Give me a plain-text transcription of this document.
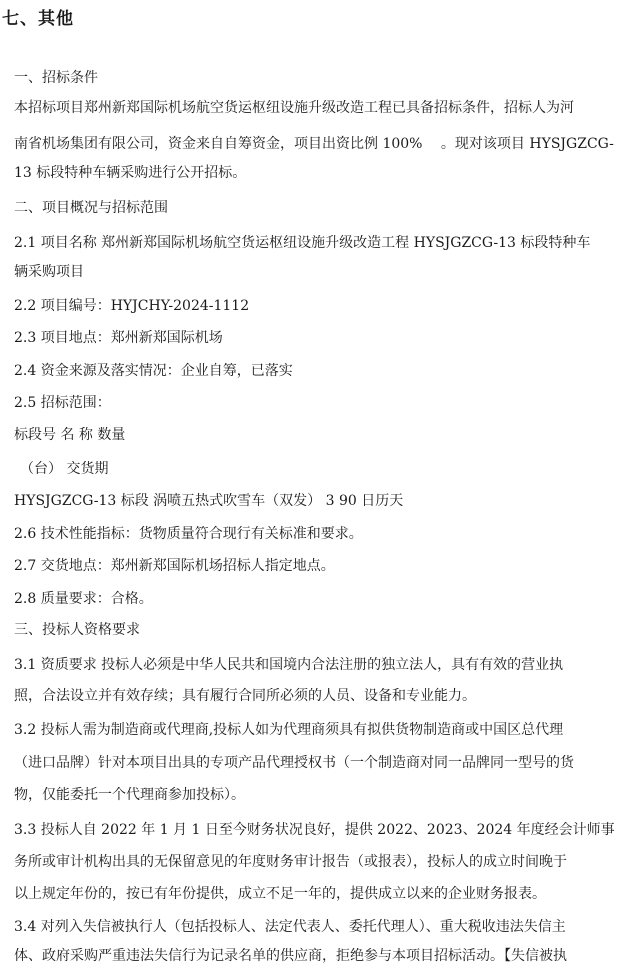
七、其他
一、招标条件
本招标项目郑州新郑国际机场航空货运枢纽设施升级改造工程已具备招标条件，招标人为河
南省机场集团有限公司，资金来自自筹资金，项目出资比例 100%　 。现对该项目 HYSJGZCG-
13 标段特种车辆采购进行公开招标。
二、项目概况与招标范围
2.1 项目名称 郑州新郑国际机场航空货运枢纽设施升级改造工程 HYSJGZCG-13 标段特种车
辆采购项目
2.2 项目编号：HYJCHY-2024-1112
2.3 项目地点：郑州新郑国际机场
2.4 资金来源及落实情况：企业自筹，已落实
2.5 招标范围：
标段号 名 称 数量
（台） 交货期
HYSJGZCG-13 标段 涡喷五热式吹雪车（双发） 3 90 日历天
2.6 技术性能指标：货物质量符合现行有关标准和要求。
2.7 交货地点：郑州新郑国际机场招标人指定地点。
2.8 质量要求：合格。
三、投标人资格要求
3.1 资质要求 投标人必须是中华人民共和国境内合法注册的独立法人，具有有效的营业执
照，合法设立并有效存续；具有履行合同所必须的人员、设备和专业能力。
3.2 投标人需为制造商或代理商,投标人如为代理商须具有拟供货物制造商或中国区总代理
（进口品牌）针对本项目出具的专项产品代理授权书（一个制造商对同一品牌同一型号的货
物，仅能委托一个代理商参加投标）。
3.3 投标人自 2022 年 1 月 1 日至今财务状况良好，提供 2022、2023、2024 年度经会计师事
务所或审计机构出具的无保留意见的年度财务审计报告（或报表），投标人的成立时间晚于
以上规定年份的，按已有年份提供，成立不足一年的，提供成立以来的企业财务报表。
3.4 对列入失信被执行人（包括投标人、法定代表人、委托代理人）、重大税收违法失信主
体、政府采购严重违法失信行为记录名单的供应商，拒绝参与本项目招标活动。【失信被执
